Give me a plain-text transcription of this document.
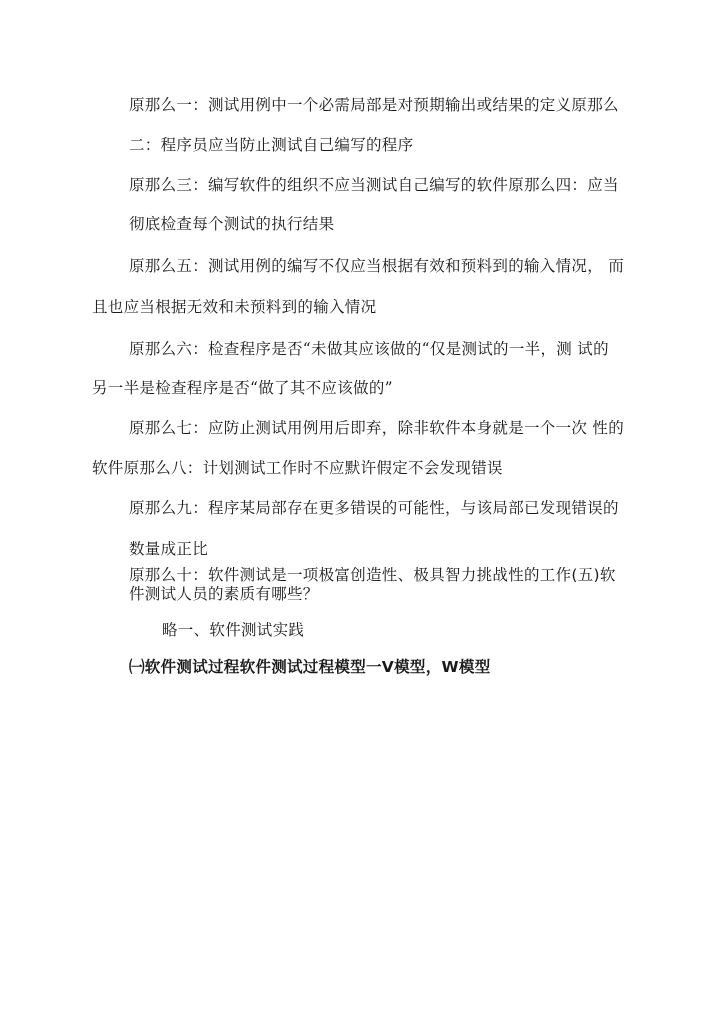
原那么一：测试用例中一个必需局部是对预期输出或结果的定义原那么
二：程序员应当防止测试自己编写的程序
原那么三：编写软件的组织不应当测试自己编写的软件原那么四：应当
彻底检查每个测试的执行结果
原那么五：测试用例的编写不仅应当根据有效和预料到的输入情况， 而
且也应当根据无效和未预料到的输入情况
原那么六：检查程序是否“未做其应该做的“仅是测试的一半，测 试的
另一半是检查程序是否“做了其不应该做的”
原那么七：应防止测试用例用后即弃，除非软件本身就是一个一次 性的
软件原那么八：计划测试工作时不应默许假定不会发现错误
原那么九：程序某局部存在更多错误的可能性，与该局部已发现错误的
数量成正比
原那么十：软件测试是一项极富创造性、极具智力挑战性的工作(五)软
件测试人员的素质有哪些？
略一、软件测试实践
㈠软件测试过程软件测试过程模型一V模型，W模型
